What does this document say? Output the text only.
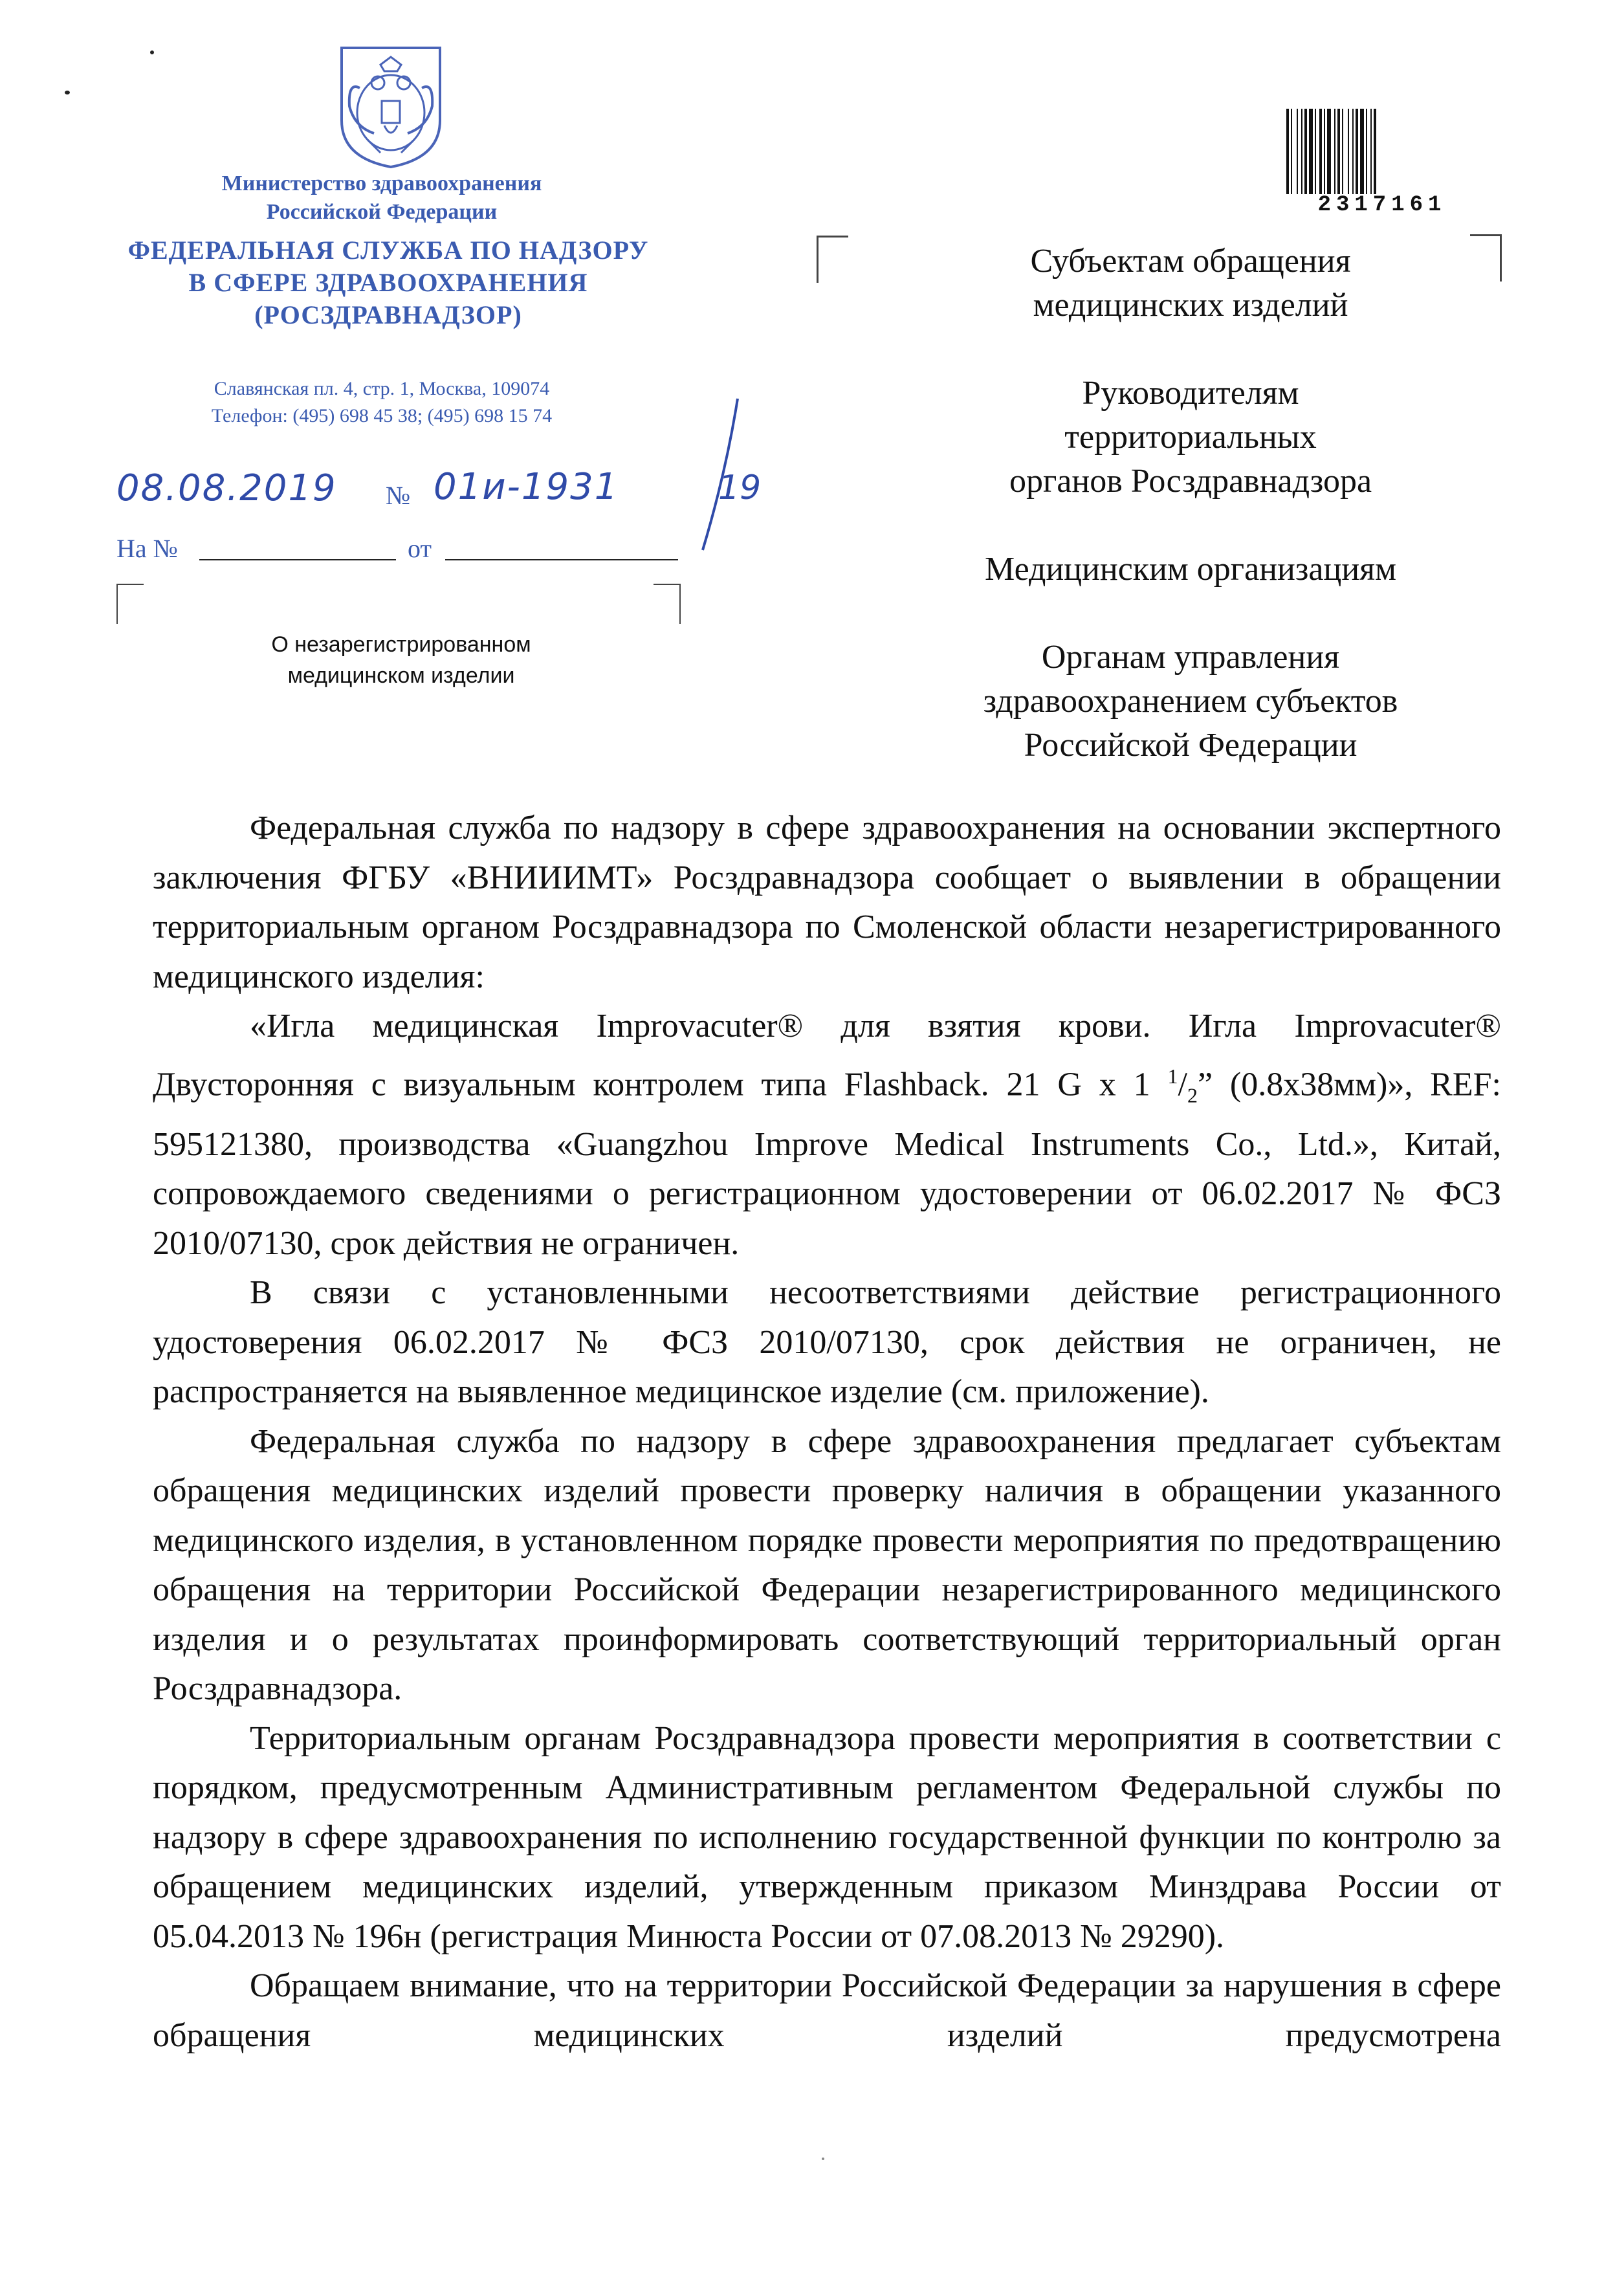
Министерство здравоохранения
Российской Федерации
ФЕДЕРАЛЬНАЯ СЛУЖБА ПО НАДЗОРУ
В СФЕРЕ ЗДРАВООХРАНЕНИЯ
(РОСЗДРАВНАДЗОР)
Славянская пл. 4, стр. 1, Москва, 109074
Телефон: (495) 698 45 38; (495) 698 15 74
08.08.2019 № 01и-1931	19
На №	от
О незарегистрированном
медицинском изделии
2317161
Субъектам обращения
медицинских изделий
Руководителям
территориальных
органов Росздравнадзора
Медицинским организациям
Органам управления
здравоохранением субъектов
Российской Федерации

Федеральная служба по надзору в сфере здравоохранения на основании экспертного заключения ФГБУ «ВНИИИМТ» Росздравнадзора сообщает о выявлении в обращении территориальным органом Росздравнадзора по Смоленской области незарегистрированного медицинского изделия:

«Игла медицинская Improvacuter® для взятия крови. Игла Improvacuter® Двусторонняя с визуальным контролем типа Flashback. 21 G x 1 $^1/_2$” (0.8х38мм)», REF: 595121380, производства «Guangzhou Improve Medical Instruments Co., Ltd.», Китай, сопровождаемого сведениями о регистрационном удостоверении от 06.02.2017 № ФСЗ 2010/07130, срок действия не ограничен.

В связи с установленными несоответствиями действие регистрационного удостоверения 06.02.2017 № ФСЗ 2010/07130, срок действия не ограничен, не распространяется на выявленное медицинское изделие (см. приложение).

Федеральная служба по надзору в сфере здравоохранения предлагает субъектам обращения медицинских изделий провести проверку наличия в обращении указанного медицинского изделия, в установленном порядке провести мероприятия по предотвращению обращения на территории Российской Федерации незарегистрированного медицинского изделия и о результатах проинформировать соответствующий территориальный орган Росздравнадзора.

Территориальным органам Росздравнадзора провести мероприятия в соответствии с порядком, предусмотренным Административным регламентом Федеральной службы по надзору в сфере здравоохранения по исполнению государственной функции по контролю за обращением медицинских изделий, утвержденным приказом Минздрава России от 05.04.2013 № 196н (регистрация Минюста России от 07.08.2013 № 29290).

Обращаем внимание, что на территории Российской Федерации за нарушения в сфере обращения медицинских изделий предусмотрена
